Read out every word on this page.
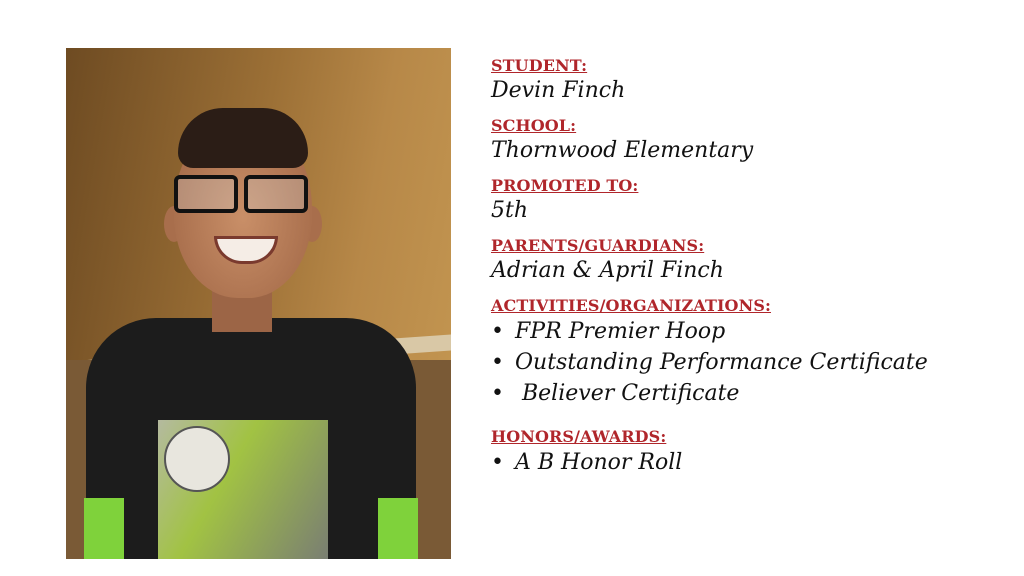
STUDENT:
Devin Finch
SCHOOL:
Thornwood Elementary
PROMOTED TO:
5th
PARENTS/GUARDIANS:
Adrian & April Finch
ACTIVITIES/ORGANIZATIONS:
• FPR Premier Hoop
• Outstanding Performance Certificate
• Believer Certificate
HONORS/AWARDS:
• A B Honor Roll
